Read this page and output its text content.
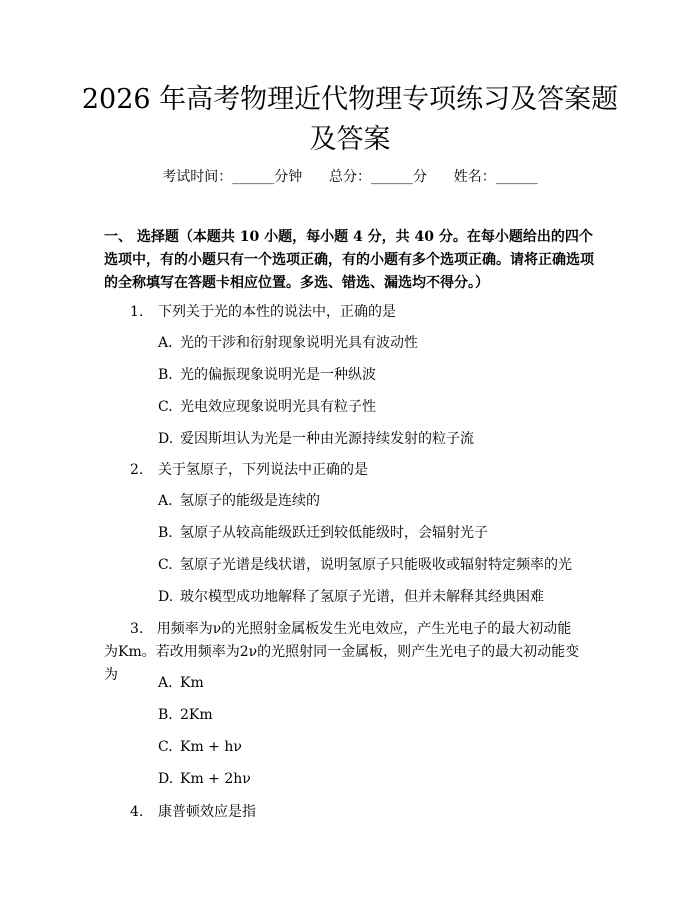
2026 年高考物理近代物理专项练习及答案题及答案
考试时间：______分钟 总分：______分 姓名：______
一、 选择题（本题共 10 小题，每小题 4 分，共 40 分。在每小题给出的四个选项中，有的小题只有一个选项正确，有的小题有多个选项正确。请将正确选项的全称填写在答题卡相应位置。多选、错选、漏选均不得分。）
1. 下列关于光的本性的说法中，正确的是
A. 光的干涉和衍射现象说明光具有波动性
B. 光的偏振现象说明光是一种纵波
C. 光电效应现象说明光具有粒子性
D. 爱因斯坦认为光是一种由光源持续发射的粒子流
2. 关于氢原子，下列说法中正确的是
A. 氢原子的能级是连续的
B. 氢原子从较高能级跃迁到较低能级时，会辐射光子
C. 氢原子光谱是线状谱，说明氢原子只能吸收或辐射特定频率的光
D. 玻尔模型成功地解释了氢原子光谱，但并未解释其经典困难
3. 用频率为ν的光照射金属板发生光电效应，产生光电子的最大初动能为Km。若改用频率为2ν的光照射同一金属板，则产生光电子的最大初动能变为	A. Km
B. 2Km
C. Km + hν
D. Km + 2hν
4. 康普顿效应是指
